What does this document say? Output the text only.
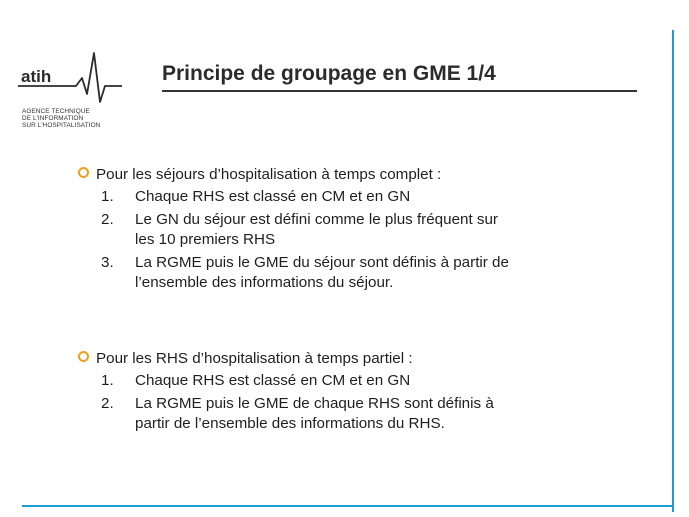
atih
AGENCE TECHNIQUE
DE L'INFORMATION
SUR L'HOSPITALISATION
Principe de groupage en GME 1/4
Pour les séjours d’hospitalisation à temps complet :
1. Chaque RHS est classé en CM et en GN
2. Le GN du séjour est défini comme le plus fréquent sur
les 10 premiers RHS
3. La RGME puis le GME du séjour sont définis à partir de
l’ensemble des informations du séjour.
Pour les RHS d’hospitalisation à temps partiel :
1. Chaque RHS est classé en CM et en GN
2. La RGME puis le GME de chaque RHS sont définis à
partir de l’ensemble des informations du RHS.
